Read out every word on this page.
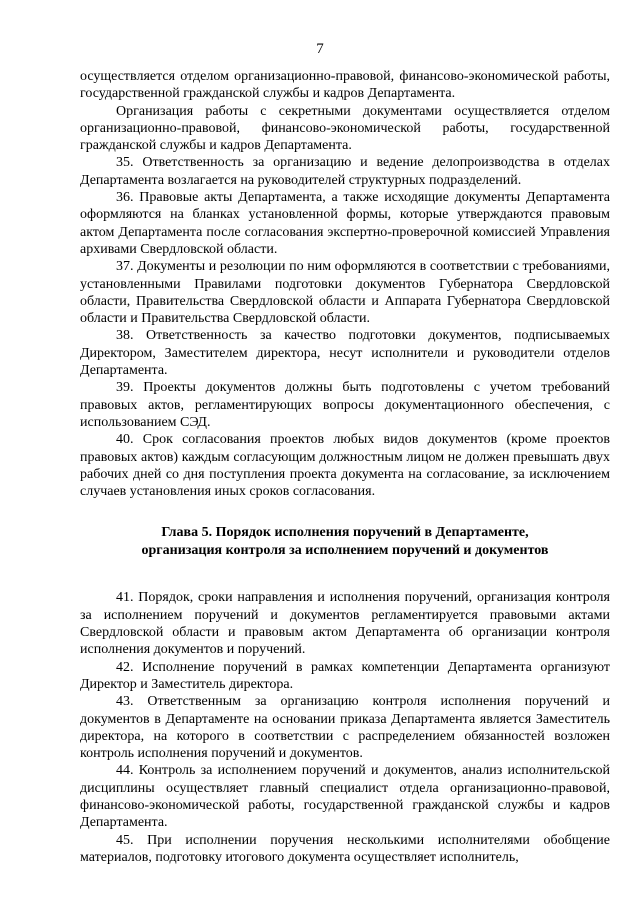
7

осуществляется отделом организационно-правовой, финансово-экономической работы, государственной гражданской службы и кадров Департамента.

Организация работы с секретными документами осуществляется отделом организационно-правовой, финансово-экономической работы, государственной гражданской службы и кадров Департамента.

35. Ответственность за организацию и ведение делопроизводства в отделах Департамента возлагается на руководителей структурных подразделений.

36. Правовые акты Департамента, а также исходящие документы Департамента оформляются на бланках установленной формы, которые утверждаются правовым актом Департамента после согласования экспертно-проверочной комиссией Управления архивами Свердловской области.

37. Документы и резолюции по ним оформляются в соответствии с требованиями, установленными Правилами подготовки документов Губернатора Свердловской области, Правительства Свердловской области и Аппарата Губернатора Свердловской области и Правительства Свердловской области.

38. Ответственность за качество подготовки документов, подписываемых Директором, Заместителем директора, несут исполнители и руководители отделов Департамента.

39. Проекты документов должны быть подготовлены с учетом требований правовых актов, регламентирующих вопросы документационного обеспечения, с использованием СЭД.

40. Срок согласования проектов любых видов документов (кроме проектов правовых актов) каждым согласующим должностным лицом не должен превышать двух рабочих дней со дня поступления проекта документа на согласование, за исключением случаев установления иных сроков согласования.

Глава 5. Порядок исполнения поручений в Департаменте,
организация контроля за исполнением поручений и документов

41. Порядок, сроки направления и исполнения поручений, организация контроля за исполнением поручений и документов регламентируется правовыми актами Свердловской области и правовым актом Департамента об организации контроля исполнения документов и поручений.

42. Исполнение поручений в рамках компетенции Департамента организуют Директор и Заместитель директора.

43. Ответственным за организацию контроля исполнения поручений и документов в Департаменте на основании приказа Департамента является Заместитель директора, на которого в соответствии с распределением обязанностей возложен контроль исполнения поручений и документов.

44. Контроль за исполнением поручений и документов, анализ исполнительской дисциплины осуществляет главный специалист отдела организационно-правовой, финансово-экономической работы, государственной гражданской службы и кадров Департамента.

45. При исполнении поручения несколькими исполнителями обобщение материалов, подготовку итогового документа осуществляет исполнитель,
